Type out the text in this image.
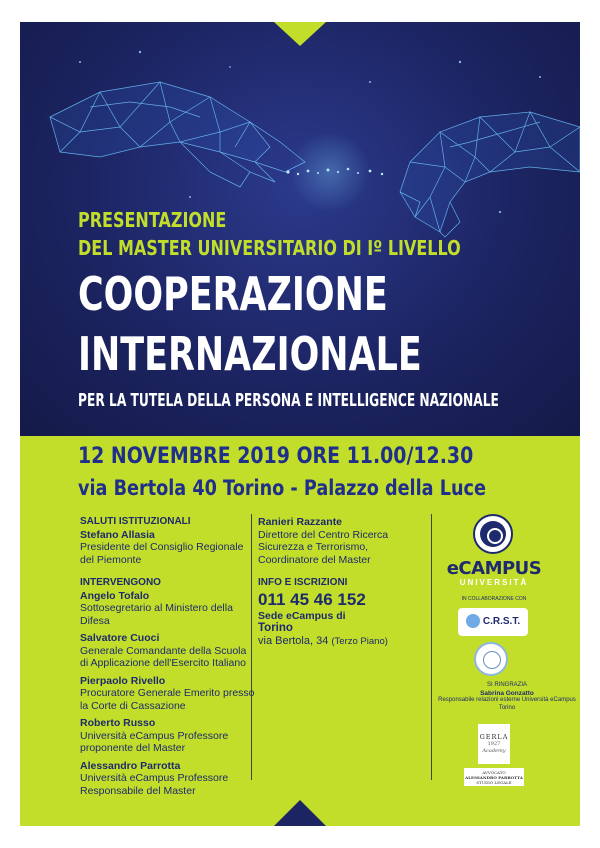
PRESENTAZIONE
DEL MASTER UNIVERSITARIO DI Iº LIVELLO
COOPERAZIONE
INTERNAZIONALE
PER LA TUTELA DELLA PERSONA E INTELLIGENCE NAZIONALE
12 NOVEMBRE 2019 ORE 11.00/12.30
via Bertola 40 Torino - Palazzo della Luce
SALUTI ISTITUZIONALI
Stefano Allasia
Presidente del Consiglio Regionale del Piemonte
INTERVENGONO
Angelo Tofalo
Sottosegretario al Ministero della Difesa
Salvatore Cuoci
Generale Comandante della Scuola di Applicazione dell'Esercito Italiano
Pierpaolo Rivello
Procuratore Generale Emerito presso la Corte di Cassazione
Roberto Russo
Università eCampus Professore proponente del Master
Alessandro Parrotta
Università eCampus Professore Responsabile del Master
Ranieri Razzante
Direttore del Centro Ricerca Sicurezza e Terrorismo, Coordinatore del Master
INFO E ISCRIZIONI
011 45 46 152
Sede eCampus di
Torino
via Bertola, 34 (Terzo Piano)
eCAMPUS
UNIVERSITÀ
IN COLLABORAZIONE CON
C.R.S.T.
SI RINGRAZIA
Sabrina Gonzatto
Responsabile relazioni esterne Università eCampus Torino
GERLA
1927
Academy
AVVOCATO
ALESSANDRO PARROTTA
STUDIO LEGALE
